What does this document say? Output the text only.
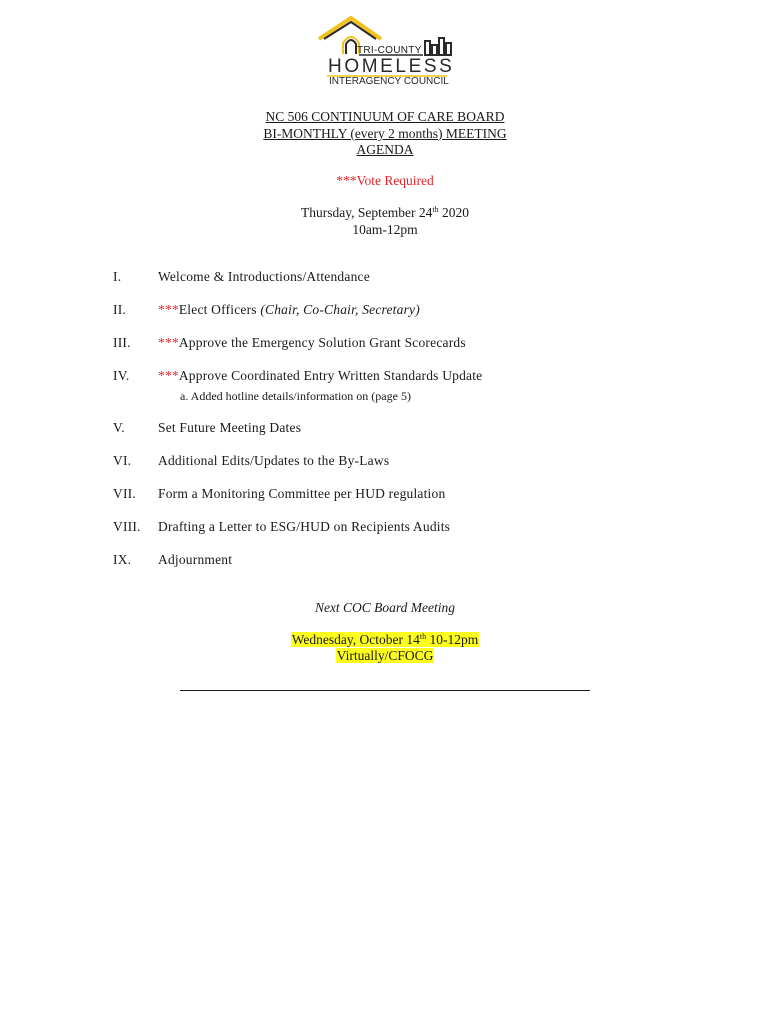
TRI-COUNTY
HOMELESS
INTERAGENCY COUNCIL
NC 506 CONTINUUM OF CARE BOARD
BI-MONTHLY (every 2 months) MEETING
AGENDA
***Vote Required
Thursday, September 24th 2020
10am-12pm
I.	Welcome & Introductions/Attendance
II. ***Elect Officers (Chair, Co-Chair, Secretary)
III. ***Approve the Emergency Solution Grant Scorecards
IV. ***Approve Coordinated Entry Written Standards Update
a. Added hotline details/information on (page 5)
V. Set Future Meeting Dates
VI. Additional Edits/Updates to the By-Laws
VII. Form a Monitoring Committee per HUD regulation
VIII. Drafting a Letter to ESG/HUD on Recipients Audits
IX. Adjournment
Next COC Board Meeting
Wednesday, October 14th 10-12pm
Virtually/CFOCG
